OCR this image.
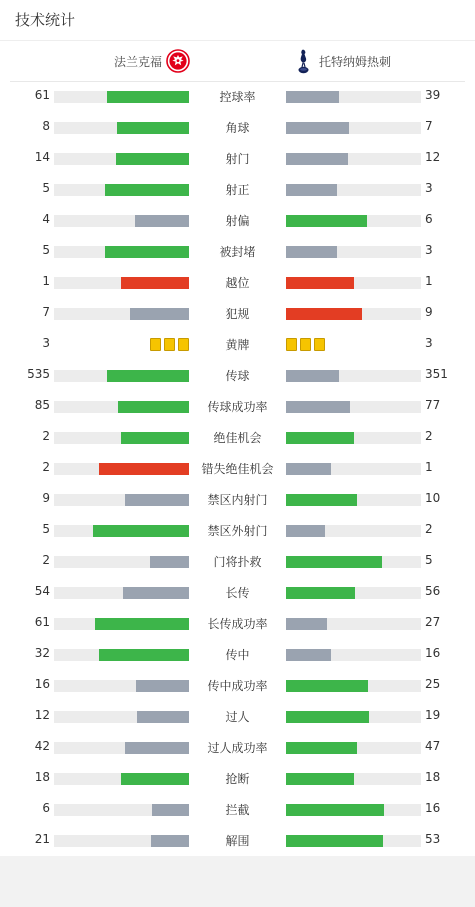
技术统计
法兰克福	托特纳姆热刺
61	控球率	39
8	角球	7
14	射门	12
5	射正	3
4	射偏	6
5	被封堵	3
1	越位	1
7	犯规	9
3	黄牌	3
535	传球	351
85	传球成功率	77
2	绝佳机会	2
2	错失绝佳机会	1
9	禁区内射门	10
5	禁区外射门	2
2	门将扑救	5
54	长传	56
61	长传成功率	27
32	传中	16
16	传中成功率	25
12	过人	19
42	过人成功率	47
18	抢断	18
6	拦截	16
21	解围	53
